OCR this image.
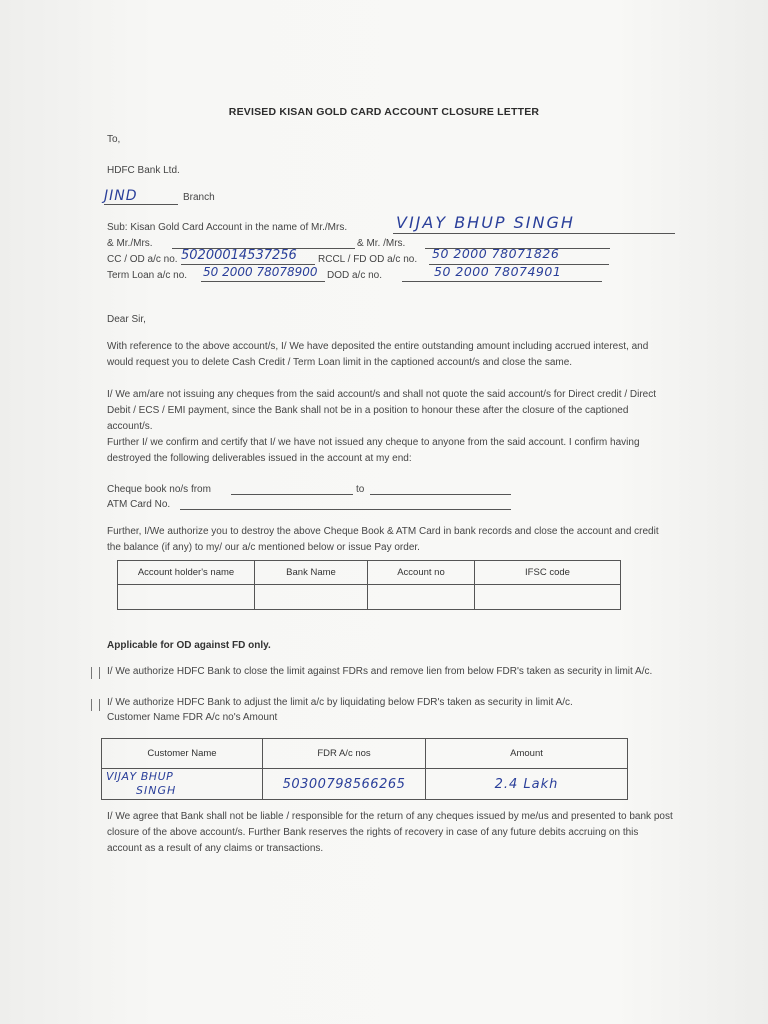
REVISED KISAN GOLD CARD ACCOUNT CLOSURE LETTER
To,
HDFC Bank Ltd.
JIND	Branch
Sub: Kisan Gold Card Account in the name of Mr./Mrs.	VIJAY BHUP SINGH
& Mr./Mrs.	& Mr. /Mrs.
CC / OD a/c no. 50200014537256 RCCL / FD OD a/c no. 50 2000 78071826
Term Loan a/c no. 50 2000 78078900 DOD a/c no.	50 2000 78074901
Dear Sir,
With reference to the above account/s, I/ We have deposited the entire outstanding amount including accrued interest, and would request you to delete Cash Credit / Term Loan limit in the captioned account/s and close the same.
I/ We am/are not issuing any cheques from the said account/s and shall not quote the said account/s for Direct credit / Direct Debit / ECS / EMI payment, since the Bank shall not be in a position to honour these after the closure of the captioned account/s.
Further I/ we confirm and certify that I/ we have not issued any cheque to anyone from the said account. I confirm having destroyed the following deliverables issued in the account at my end:
Cheque book no/s from	to
ATM Card No.
Further, I/We authorize you to destroy the above Cheque Book & ATM Card in bank records and close the account and credit the balance (if any) to my/ our a/c mentioned below or issue Pay order.
Account holder's name	Bank Name	Account no	IFSC code

Applicable for OD against FD only.
I/ We authorize HDFC Bank to close the limit against FDRs and remove lien from below FDR's taken as security in limit A/c.
I/ We authorize HDFC Bank to adjust the limit a/c by liquidating below FDR's taken as security in limit A/c.
Customer Name FDR A/c no's Amount
Customer Name	FDR A/c nos	Amount

VIJAY BHUP
SINGH	50300798566265	2.4 Lakh
I/ We agree that Bank shall not be liable / responsible for the return of any cheques issued by me/us and presented to bank post closure of the above account/s. Further Bank reserves the rights of recovery in case of any future debits accruing on this account as a result of any claims or transactions.
